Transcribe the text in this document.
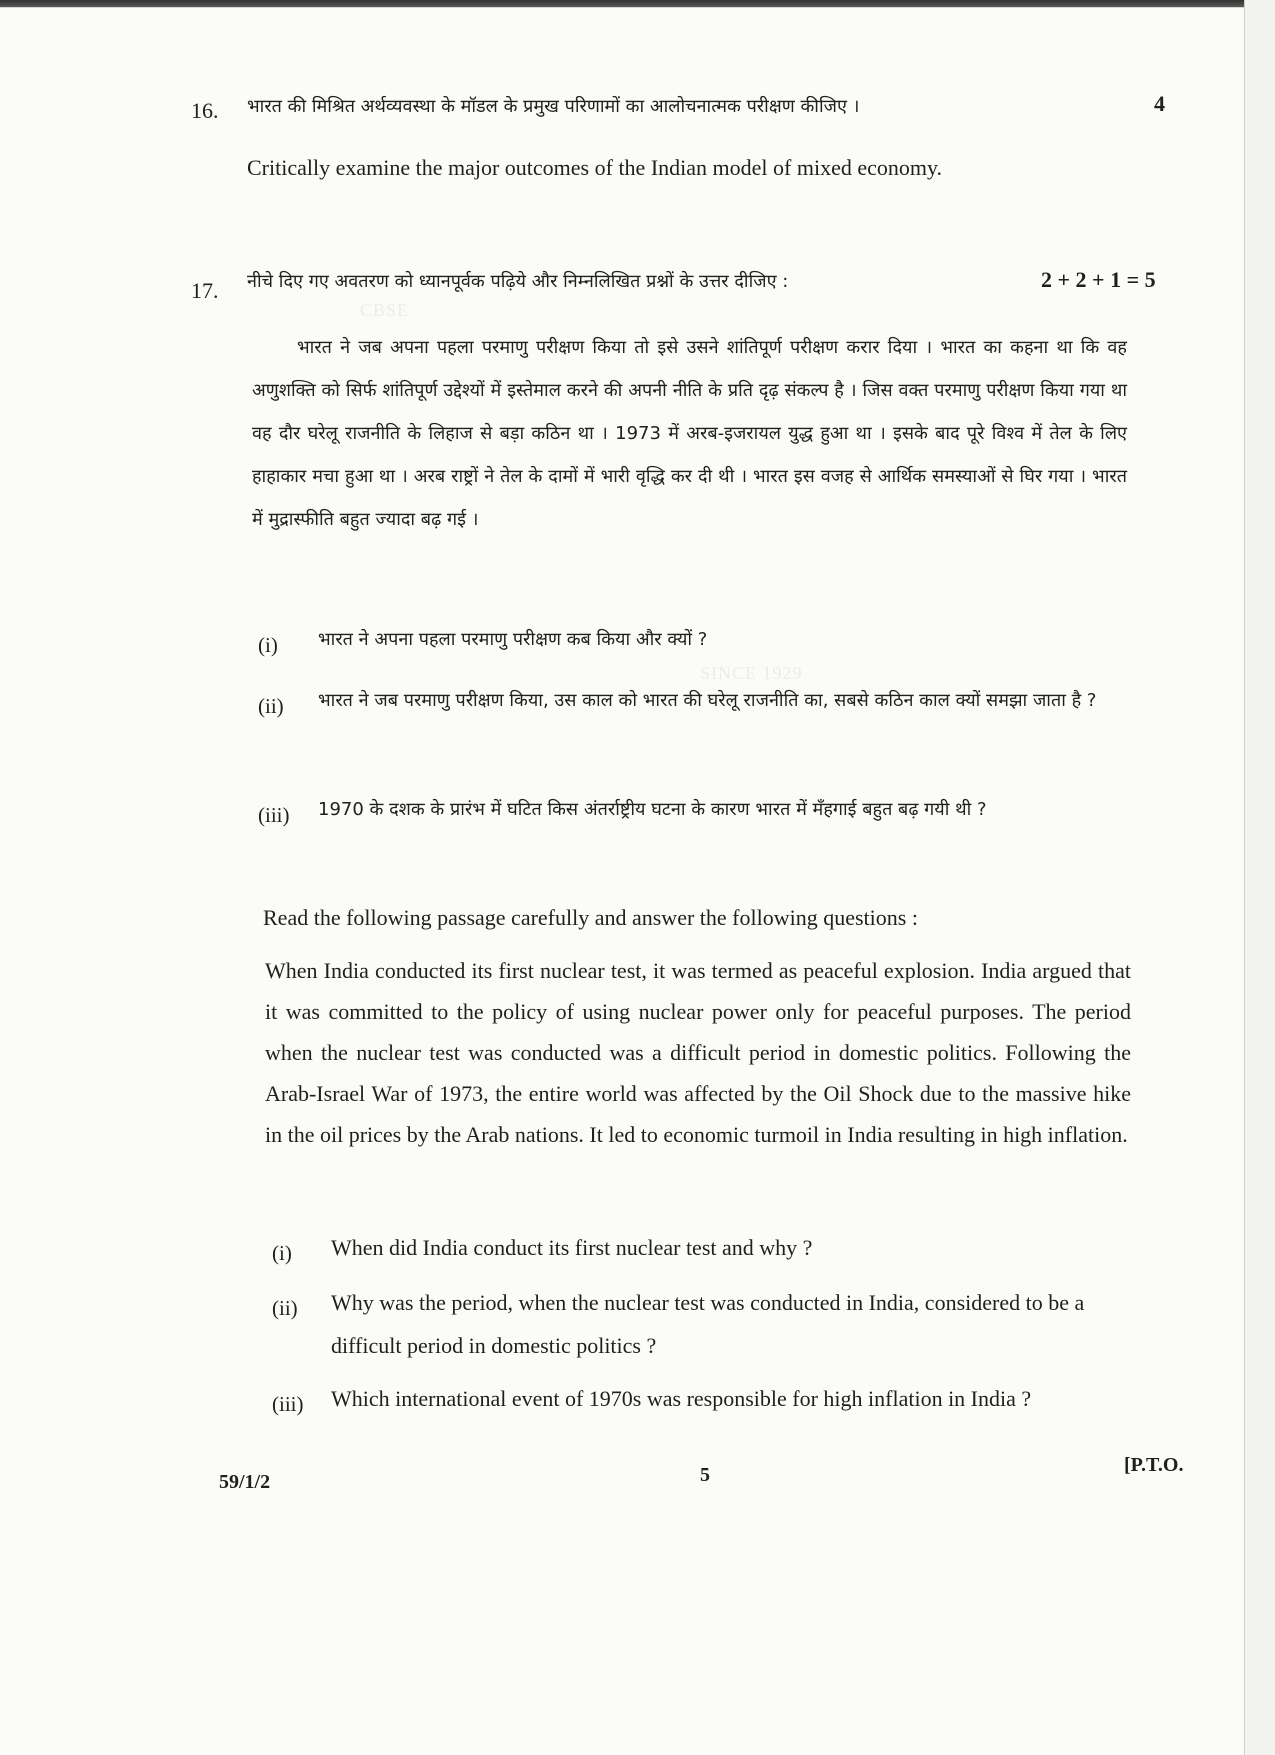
CBSE
SINCE 1929
16. भारत की मिश्रित अर्थव्यवस्था के मॉडल के प्रमुख परिणामों का आलोचनात्मक परीक्षण कीजिए ।	4
Critically examine the major outcomes of the Indian model of mixed economy.
17. नीचे दिए गए अवतरण को ध्यानपूर्वक पढ़िये और निम्नलिखित प्रश्नों के उत्तर दीजिए :	2 + 2 + 1 = 5
भारत ने जब अपना पहला परमाणु परीक्षण किया तो इसे उसने शांतिपूर्ण परीक्षण करार दिया । भारत का कहना था कि वह अणुशक्ति को सिर्फ शांतिपूर्ण उद्देश्यों में इस्तेमाल करने की अपनी नीति के प्रति दृढ़ संकल्प है । जिस वक्त परमाणु परीक्षण किया गया था वह दौर घरेलू राजनीति के लिहाज से बड़ा कठिन था । 1973 में अरब-इजरायल युद्ध हुआ था । इसके बाद पूरे विश्व में तेल के लिए हाहाकार मचा हुआ था । अरब राष्ट्रों ने तेल के दामों में भारी वृद्धि कर दी थी । भारत इस वजह से आर्थिक समस्याओं से घिर गया । भारत में मुद्रास्फीति बहुत ज्यादा बढ़ गई ।
(i) भारत ने अपना पहला परमाणु परीक्षण कब किया और क्यों ?
(ii) भारत ने जब परमाणु परीक्षण किया, उस काल को भारत की घरेलू राजनीति का, सबसे कठिन काल क्यों समझा जाता है ?
(iii) 1970 के दशक के प्रारंभ में घटित किस अंतर्राष्ट्रीय घटना के कारण भारत में मँहगाई बहुत बढ़ गयी थी ?
Read the following passage carefully and answer the following questions :
When India conducted its first nuclear test, it was termed as peaceful explosion. India argued that it was committed to the policy of using nuclear power only for peaceful purposes. The period when the nuclear test was conducted was a difficult period in domestic politics. Following the Arab-Israel War of 1973, the entire world was affected by the Oil Shock due to the massive hike in the oil prices by the Arab nations. It led to economic turmoil in India resulting in high inflation.
(i) When did India conduct its first nuclear test and why ?
(ii) Why was the period, when the nuclear test was conducted in India, considered to be a difficult period in domestic politics ?
(iii) Which international event of 1970s was responsible for high inflation in India ?
59/1/2	5	[P.T.O.
